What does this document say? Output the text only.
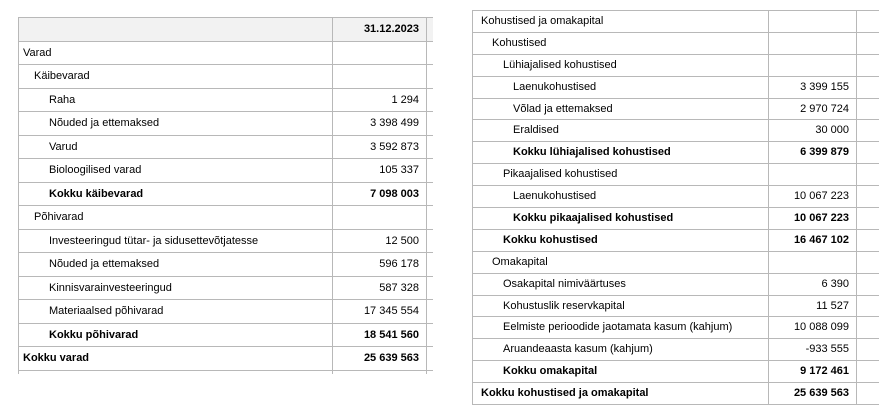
31.12.2023
Varad
Käibevarad
Raha	1 294
Nõuded ja ettemaksed	3 398 499
Varud	3 592 873
Bioloogilised varad	105 337
Kokku käibevarad	7 098 003
Põhivarad
Investeeringud tütar- ja sidusettevõtjatesse	12 500
Nõuded ja ettemaksed	596 178
Kinnisvarainvesteeringud	587 328
Materiaalsed põhivarad	17 345 554
Kokku põhivarad	18 541 560
Kokku varad	25 639 563
Kohustised ja omakapital
Kohustised
Lühiajalised kohustised
Laenukohustised	3 399 155
Võlad ja ettemaksed	2 970 724
Eraldised	30 000
Kokku lühiajalised kohustised	6 399 879
Pikaajalised kohustised
Laenukohustised	10 067 223
Kokku pikaajalised kohustised	10 067 223
Kokku kohustised	16 467 102
Omakapital
Osakapital nimiväärtuses	6 390
Kohustuslik reservkapital	11 527
Eelmiste perioodide jaotamata kasum (kahjum)	10 088 099
Aruandeaasta kasum (kahjum)	-933 555
Kokku omakapital	9 172 461
Kokku kohustised ja omakapital	25 639 563
